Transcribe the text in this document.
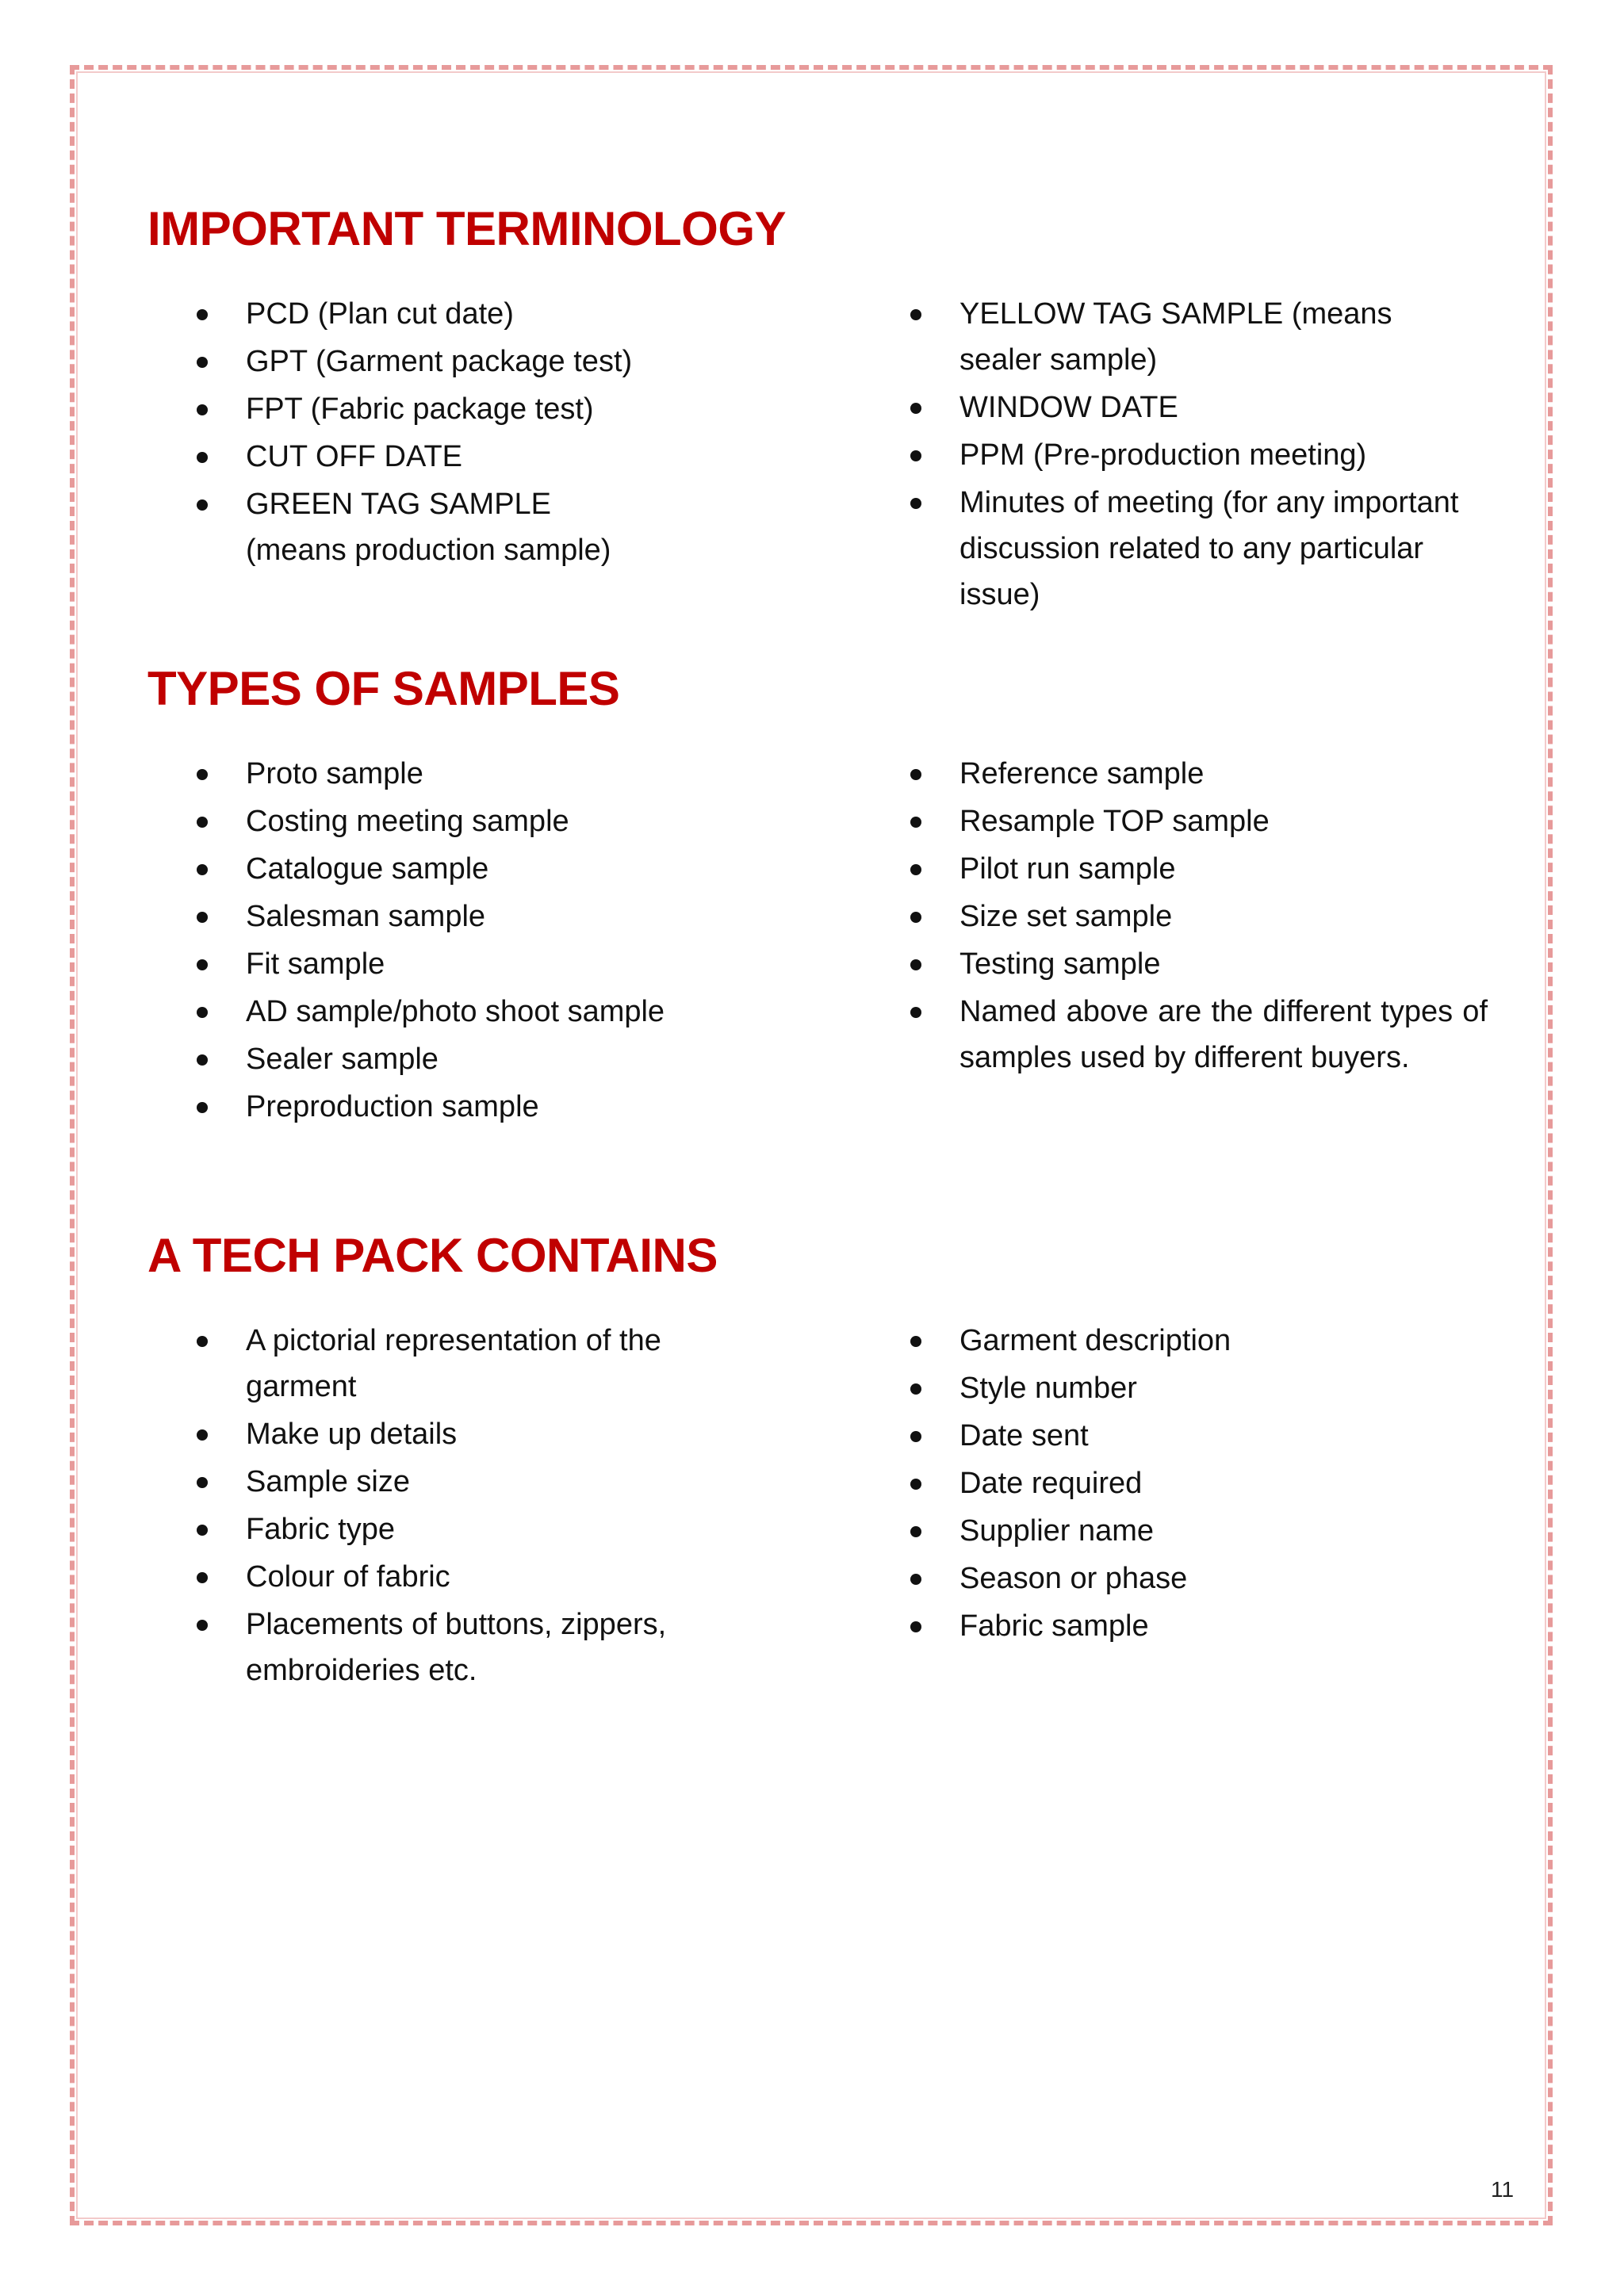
IMPORTANT TERMINOLOGY
PCD (Plan cut date)
GPT (Garment package test)
FPT (Fabric package test)
CUT OFF DATE
GREEN TAG SAMPLE (means production sample)
YELLOW TAG SAMPLE (means sealer sample)
WINDOW DATE
PPM (Pre-production meeting)
Minutes of meeting (for any important discussion related to any particular issue)
TYPES OF SAMPLES
Proto sample
Costing meeting sample
Catalogue sample
Salesman sample
Fit sample
AD sample/photo shoot sample
Sealer sample
Preproduction sample
Reference sample
Resample TOP sample
Pilot run sample
Size set sample
Testing sample
Named above are the different types of samples used by different buyers.
A TECH PACK CONTAINS
A pictorial representation of the garment
Make up details
Sample size
Fabric type
Colour of fabric
Placements of buttons, zippers, embroideries etc.
Garment description
Style number
Date sent
Date required
Supplier name
Season or phase
Fabric sample
11
